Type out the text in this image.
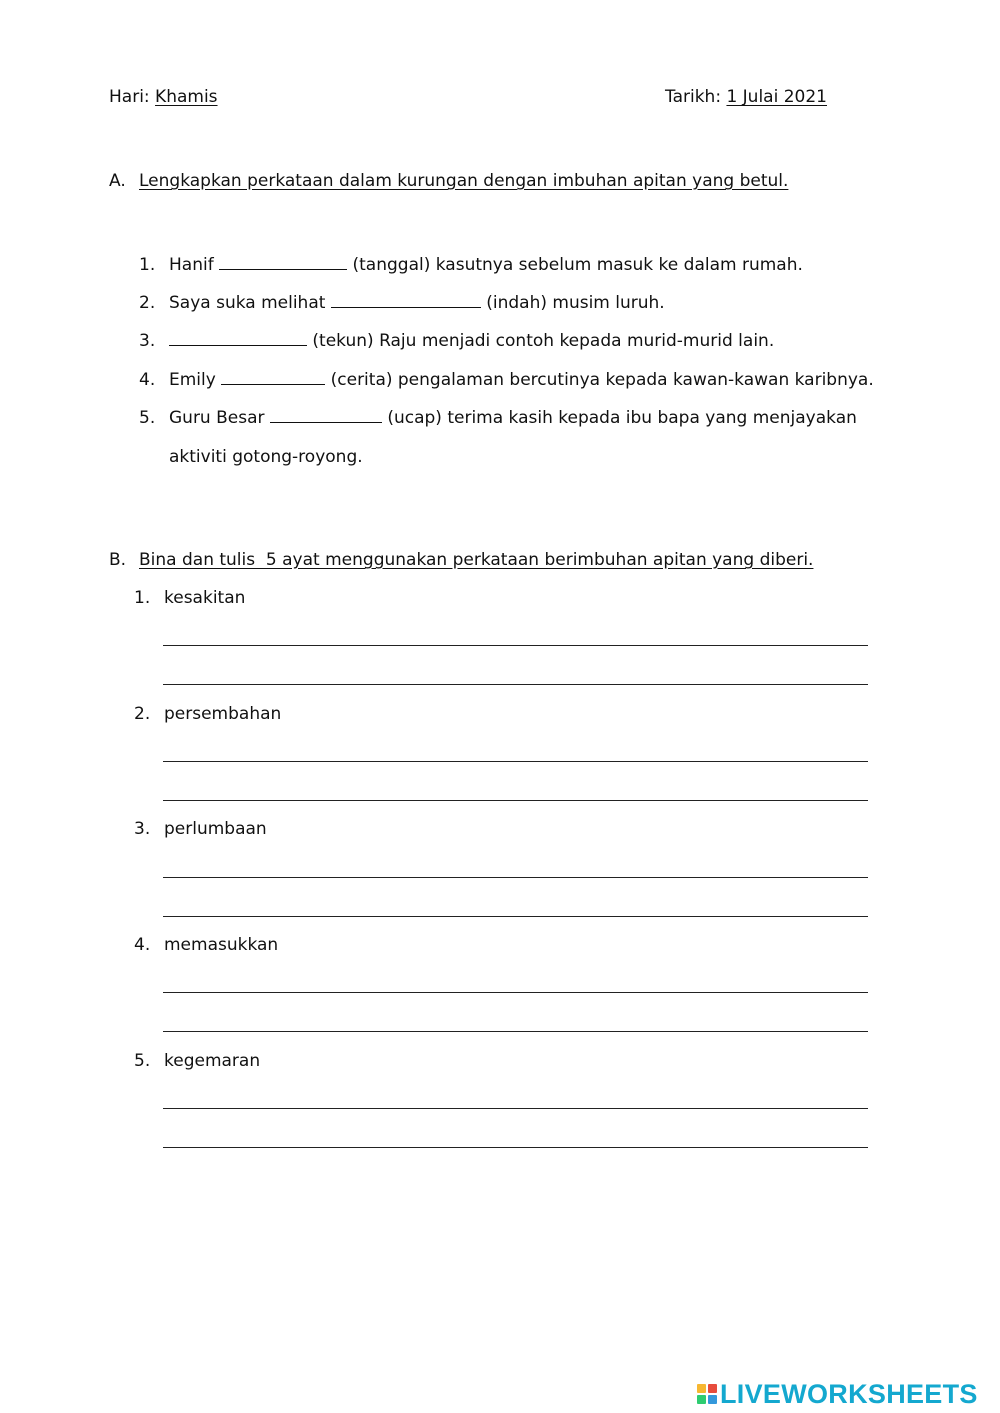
Hari: Khamis	Tarikh: 1 Julai 2021
A. Lengkapkan perkataan dalam kurungan dengan imbuhan apitan yang betul.
1. Hanif	(tanggal) kasutnya sebelum masuk ke dalam rumah.
2. Saya suka melihat	(indah) musim luruh.
3.	(tekun) Raju menjadi contoh kepada murid-murid lain.
4. Emily	(cerita) pengalaman bercutinya kepada kawan-kawan karibnya.
5. Guru Besar	(ucap) terima kasih kepada ibu bapa yang menjayakan
aktiviti gotong-royong.
B. Bina dan tulis  5 ayat menggunakan perkataan berimbuhan apitan yang diberi.
1. kesakitan
2. persembahan
3. perlumbaan
4. memasukkan
5. kegemaran
LIVEWORKSHEETS
